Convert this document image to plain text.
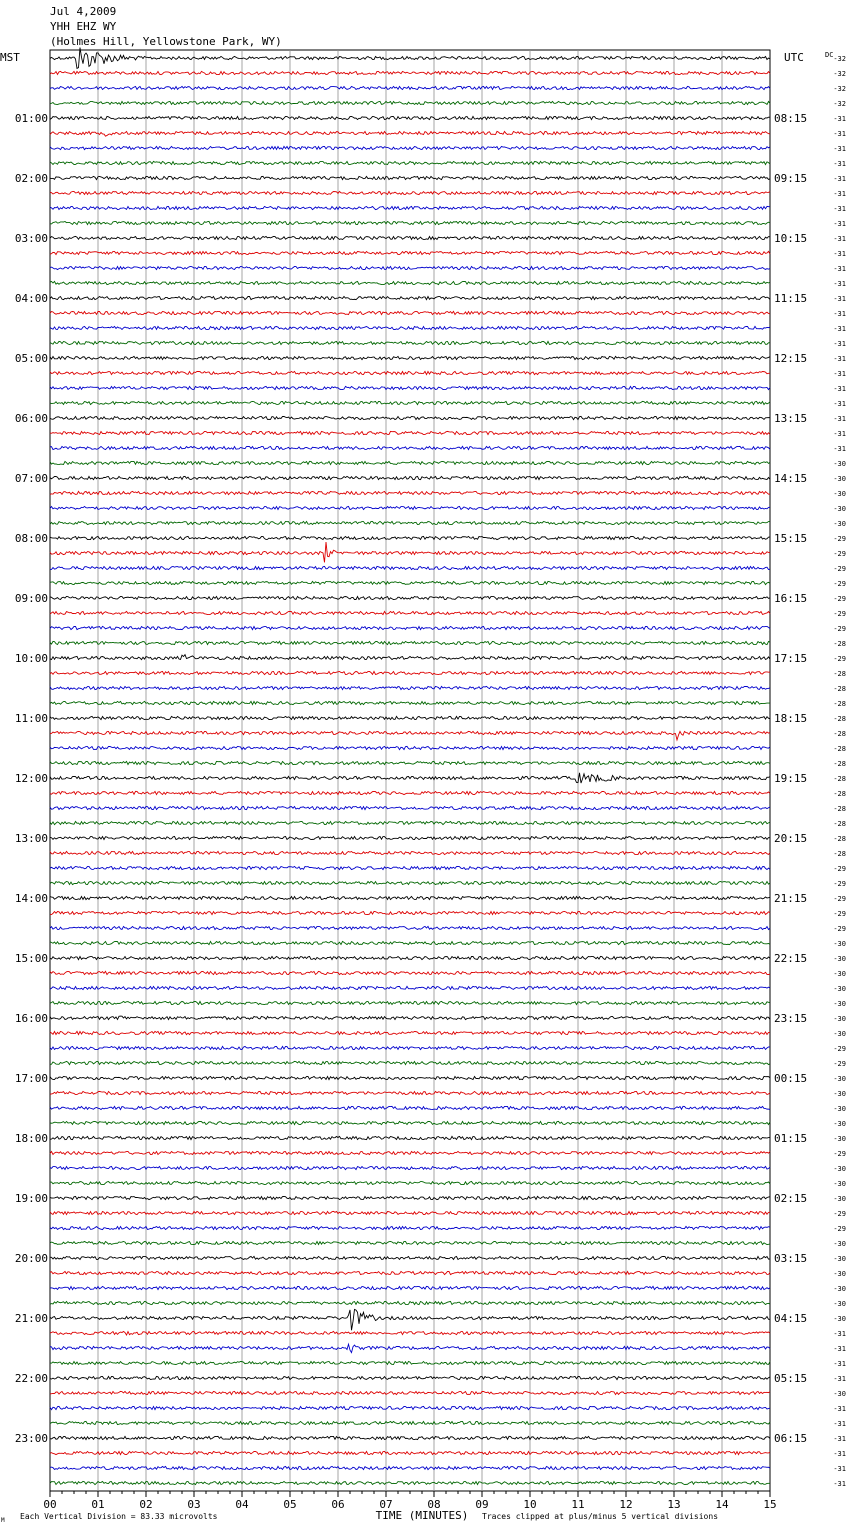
Jul 4,2009
YHH EHZ WY
(Holmes Hill, Yellowstone Park, WY)
-32
-32
-32
-32
-31
-31
-31
-31
-31
-31
-31
-31
-31
-31
-31
-31
-31
-31
-31
-31
-31
-31
-31
-31
-31
-31
-31
-30
-30
-30
-30
-30
-29
-29
-29
-29
-29
-29
-29
-28
-29
-28
-28
-28
-28
-28
-28
-28
-28
-28
-28
-28
-28
-28
-29
-29
-29
-29
-29
-30
-30
-30
-30
-30
-30
-30
-29
-29
-30
-30
-30
-30
-30
-29
-30
-30
-30
-29
-29
-30
-30
-30
-30
-30
-30
-31
-31
-31
-31
-30
-31
-31
-31
-31
-31
-31
01:00
02:00
03:00
04:00
05:00
06:00
07:00
08:00
09:00
10:00
11:00
12:00
13:00
14:00
15:00
16:00
17:00
18:00
19:00
20:00
21:00
22:00
23:00
08:15
09:15
10:15
11:15
12:15
13:15
14:15
15:15
16:15
17:15
18:15
19:15
20:15
21:15
22:15
23:15
00:15
01:15
02:15
03:15
04:15
05:15
06:15
MST	UTC	DC
00	01	02	03	04	05	06	07	08	09	10	11	12	13	14	15
TIME (MINUTES)
Each Vertical Division = 83.33 microvolts	Traces clipped at plus/minus 5 vertical divisions
M
